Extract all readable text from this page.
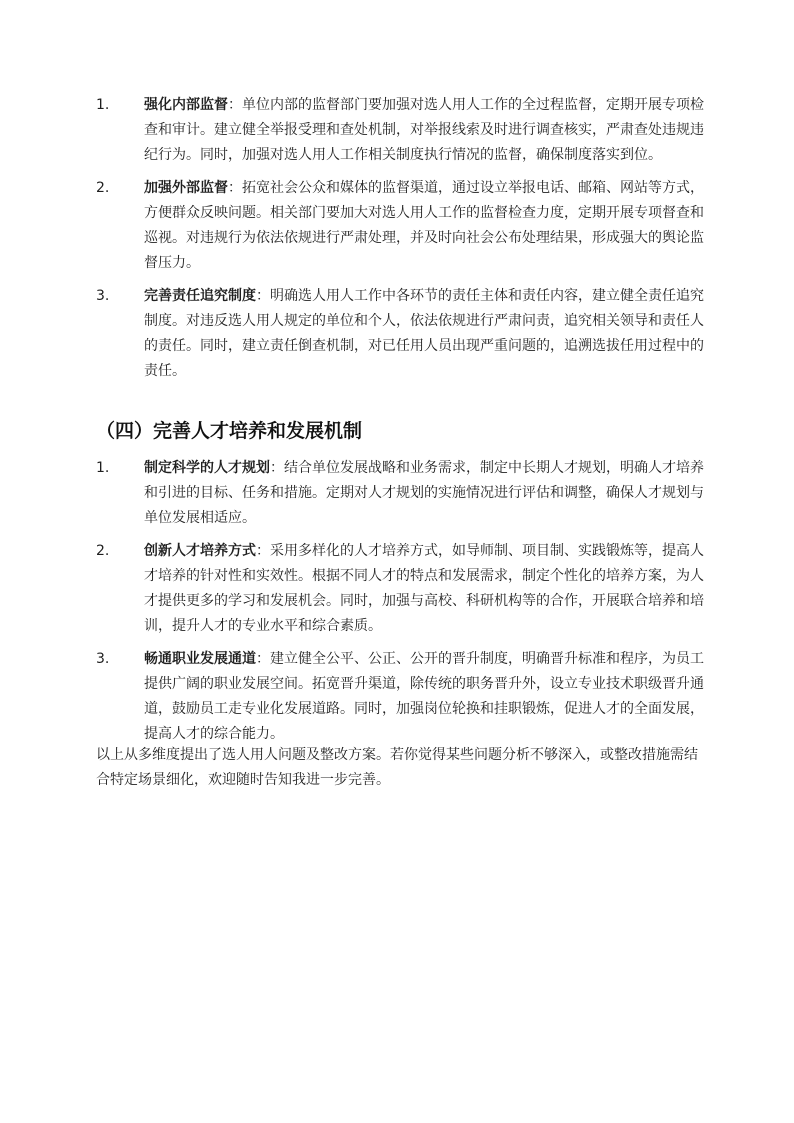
1. 强化内部监督：单位内部的监督部门要加强对选人用人工作的全过程监督，定期开展专项检查和审计。建立健全举报受理和查处机制，对举报线索及时进行调查核实，严肃查处违规违纪行为。同时，加强对选人用人工作相关制度执行情况的监督，确保制度落实到位。
2. 加强外部监督：拓宽社会公众和媒体的监督渠道，通过设立举报电话、邮箱、网站等方式，方便群众反映问题。相关部门要加大对选人用人工作的监督检查力度，定期开展专项督查和巡视。对违规行为依法依规进行严肃处理，并及时向社会公布处理结果，形成强大的舆论监督压力。
3. 完善责任追究制度：明确选人用人工作中各环节的责任主体和责任内容，建立健全责任追究制度。对违反选人用人规定的单位和个人，依法依规进行严肃问责，追究相关领导和责任人的责任。同时，建立责任倒查机制，对已任用人员出现严重问题的，追溯选拔任用过程中的责任。
（四）完善人才培养和发展机制
1. 制定科学的人才规划：结合单位发展战略和业务需求，制定中长期人才规划，明确人才培养和引进的目标、任务和措施。定期对人才规划的实施情况进行评估和调整，确保人才规划与单位发展相适应。
2. 创新人才培养方式：采用多样化的人才培养方式，如导师制、项目制、实践锻炼等，提高人才培养的针对性和实效性。根据不同人才的特点和发展需求，制定个性化的培养方案，为人才提供更多的学习和发展机会。同时，加强与高校、科研机构等的合作，开展联合培养和培训，提升人才的专业水平和综合素质。
3. 畅通职业发展通道：建立健全公平、公正、公开的晋升制度，明确晋升标准和程序，为员工提供广阔的职业发展空间。拓宽晋升渠道，除传统的职务晋升外，设立专业技术职级晋升通道，鼓励员工走专业化发展道路。同时，加强岗位轮换和挂职锻炼，促进人才的全面发展，提高人才的综合能力。

以上从多维度提出了选人用人问题及整改方案。若你觉得某些问题分析不够深入，或整改措施需结合特定场景细化，欢迎随时告知我进一步完善。
